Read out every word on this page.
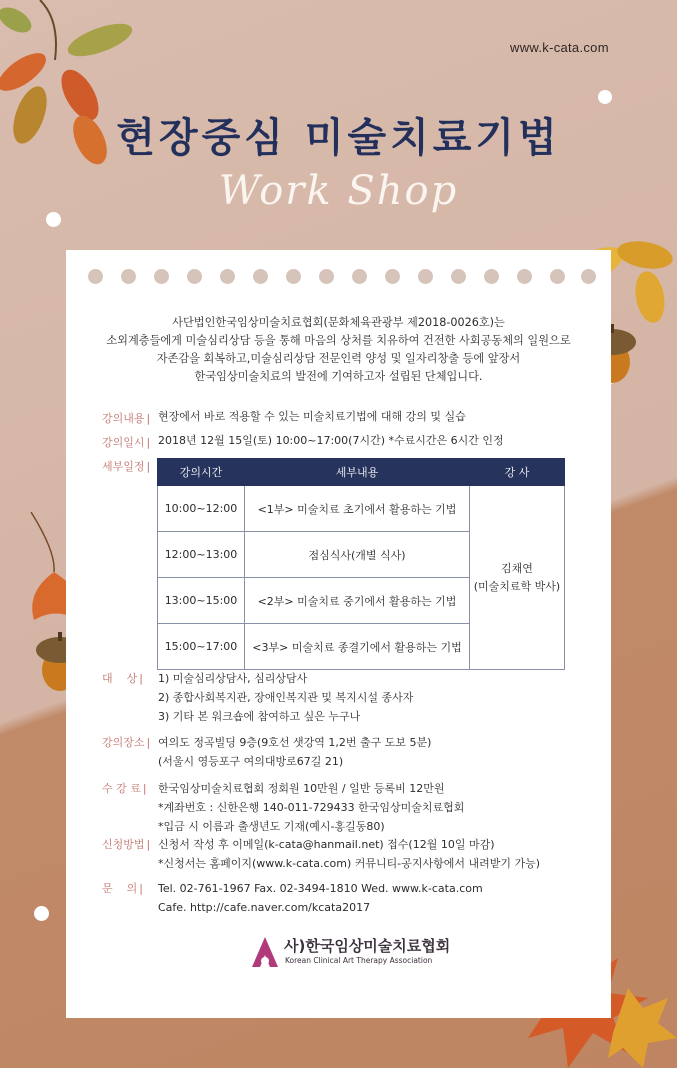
www.k-cata.com
현장중심 미술치료기법
Work Shop
사단법인한국임상미술치료협회(문화체육관광부 제2018-0026호)는
소외계층들에게 미술심리상담 등을 통해 마음의 상처를 치유하여 건전한 사회공동체의 일원으로
자존감을 회복하고,미술심리상담 전문인력 양성 및 일자리창출 등에 앞장서
한국임상미술치료의 발전에 기여하고자 설립된 단체입니다.
강의내용 | 현장에서 바로 적용할 수 있는 미술치료기법에 대해 강의 및 실습
강의일시 | 2018년 12월 15일(토) 10:00~17:00(7시간) *수료시간은 6시간 인정
세부일정 |	강의시간	세부내용	강 사
10:00~12:00	<1부> 미술치료 초기에서 활용하는 기법	김채연
(미술치료학 박사)

12:00~13:00	점심식사(개별 식사)	
13:00~15:00	<2부> 미술치료 중기에서 활용하는 기법	
15:00~17:00	<3부> 미술치료 종결기에서 활용하는 기법	
대    상 | 1) 미술심리상담사, 심리상담사
2) 종합사회복지관, 장애인복지관 및 복지시설 종사자
3) 기타 본 워크숍에 참여하고 싶은 누구나
강의장소 | 여의도 정곡빌딩 9층(9호선 샛강역 1,2번 출구 도보 5분)
(서울시 영등포구 여의대방로67길 21)
수 강 료 | 한국임상미술치료협회 정회원 10만원 / 일반 등록비 12만원
*계좌번호 : 신한은행 140-011-729433 한국임상미술치료협회
*입금 시 이름과 출생년도 기재(예시-홍길동80)
신청방법 | 신청서 작성 후 이메일(k-cata@hanmail.net) 접수(12월 10일 마감)
*신청서는 홈페이지(www.k-cata.com) 커뮤니티-공지사항에서 내려받기 가능)
문    의 | Tel. 02-761-1967 Fax. 02-3494-1810 Wed. www.k-cata.com
Cafe. http://cafe.naver.com/kcata2017
사)한국임상미술치료협회
Korean Clinical Art Therapy Association
